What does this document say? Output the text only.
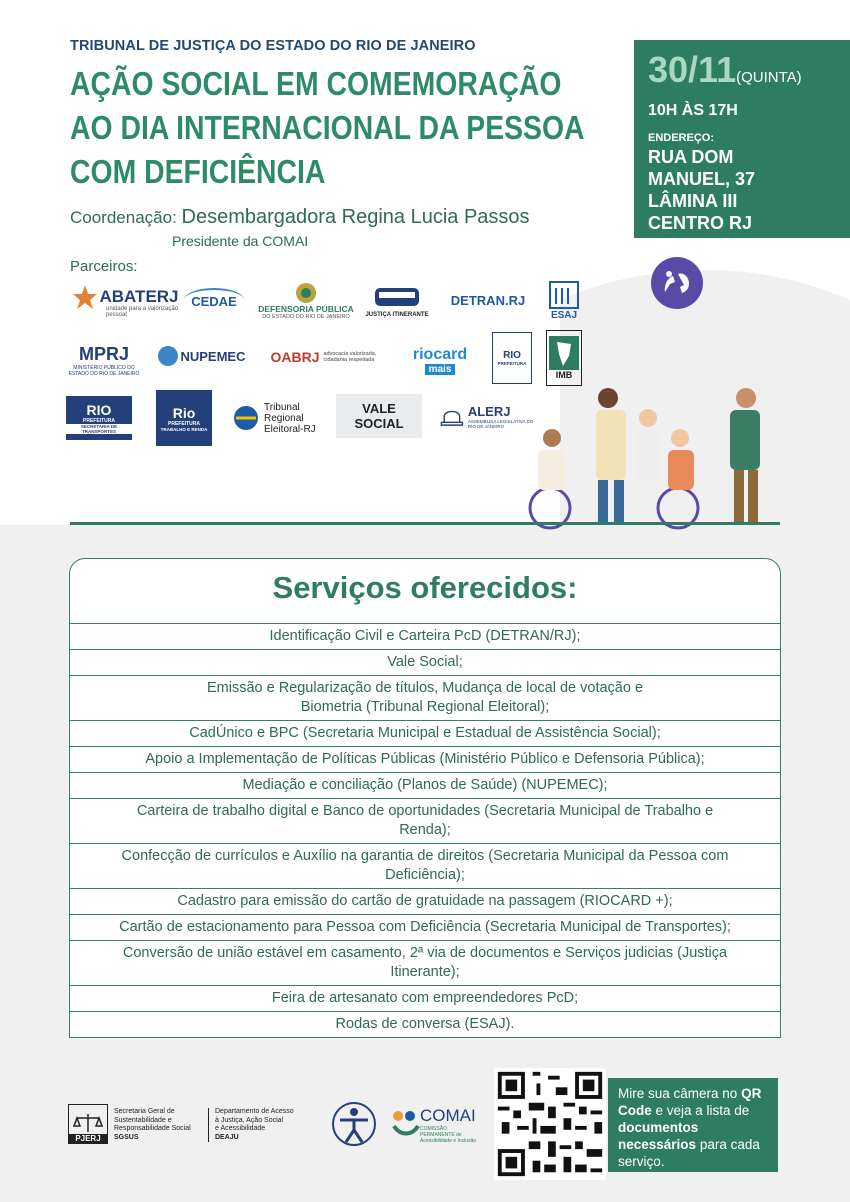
TRIBUNAL DE JUSTIÇA DO ESTADO DO RIO DE JANEIRO
AÇÃO SOCIAL EM COMEMORAÇÃO
AO DIA INTERNACIONAL DA PESSOA
COM DEFICIÊNCIA
Coordenação: Desembargadora Regina Lucia Passos
Presidente da COMAI
Parceiros:
30/11(QUINTA)
10H ÀS 17H
ENDEREÇO:
RUA DOM
MANUEL, 37
LÂMINA III
CENTRO RJ
ABATERJ
unidade para a valorização pessoal
CEDAE
DEFENSORIA PÚBLICA
DO ESTADO DO RIO DE JANEIRO	JUSTIÇA ITINERANTE
DETRAN.RJ
ESAJ
MPRJ
MINISTÉRIO PÚBLICO DO ESTADO DO RIO DE JANEIRO
NUPEMEC OABRJ advocacia valorizada, cidadania respeitada	riocard
mais
RIO
PREFEITURA
IMB
RIO
PREFEITURA
SECRETARIA DE TRANSPORTES
Rio
PREFEITURA
TRABALHO E RENDA
Tribunal Regional Eleitoral-RJ
VALE SOCIAL
ALERJ
ASSEMBLEIA LEGISLATIVA DO RIO DE JANEIRO
Serviços oferecidos:
Identificação Civil e Carteira PcD (DETRAN/RJ);
Vale Social;
Emissão e Regularização de títulos, Mudança de local de votação e Biometria (Tribunal Regional Eleitoral);
CadÚnico e BPC (Secretaria Municipal e Estadual de Assistência Social);
Apoio a Implementação de Políticas Públicas (Ministério Público e Defensoria Pública);
Mediação e conciliação (Planos de Saúde) (NUPEMEC);
Carteira de trabalho digital e Banco de oportunidades (Secretaria Municipal de Trabalho e Renda);
Confecção de currículos e Auxílio na garantia de direitos (Secretaria Municipal da Pessoa com Deficiência);
Cadastro para emissão do cartão de gratuidade na passagem (RIOCARD +);
Cartão de estacionamento para Pessoa com Deficiência (Secretaria Municipal de Transportes);
Conversão de união estável em casamento, 2ª via de documentos e Serviços judicias (Justiça Itinerante);
Feira de artesanato com empreendedores PcD;
Rodas de conversa (ESAJ).
PJERJ
Secretaria Geral de
Sustentabilidade e
Responsabilidade Social
SGSUS
Departamento de Acesso
à Justiça, Ação Social
e Acessibilidade
DEAJU
COMAI
COMISSÃO PERMANENTE de Acessibilidade e Inclusão
Mire sua câmera no QR Code e veja a lista de documentos necessários para cada serviço.
